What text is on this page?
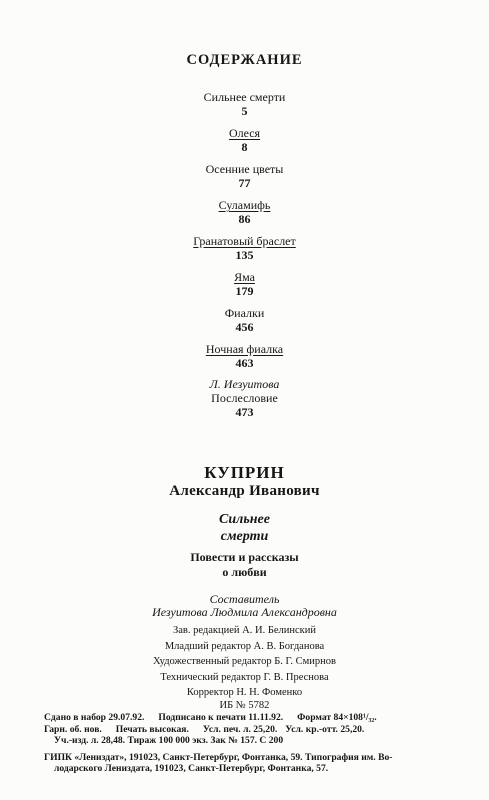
СОДЕРЖАНИЕ
Сильнее смерти
5
Олеся
8
Осенние цветы
77
Суламифь
86
Гранатовый браслет
135
Яма
179
Фиалки
456
Ночная фиалка
463
Л. Иезуитова
Послесловие
473
КУПРИН
Александр Иванович
Сильнее
смерти
Повести и рассказы
о любви
Составитель
Иезуитова Людмила Александровна
Зав. редакцией А. И. Белинский
Младший редактор А. В. Богданова
Художественный редактор Б. Г. Смирнов
Технический редактор Г. В. Преснова
Корректор Н. Н. Фоменко
ИБ № 5782
Сдано в набор 29.07.92. Подписано к печати 11.11.92. Формат 84×108¹/₃₂.
Гарн. об. нов. Печать высокая. Усл. печ. л. 25,20. Усл. кр.-отт. 25,20.
Уч.-изд. л. 28,48. Тираж 100 000 экз. Зак № 157. С 200
ГИПК «Лениздат», 191023, Санкт-Петербург, Фонтанка, 59. Типография им. Во-
лодарского Лениздата, 191023, Санкт-Петербург, Фонтанка, 57.
